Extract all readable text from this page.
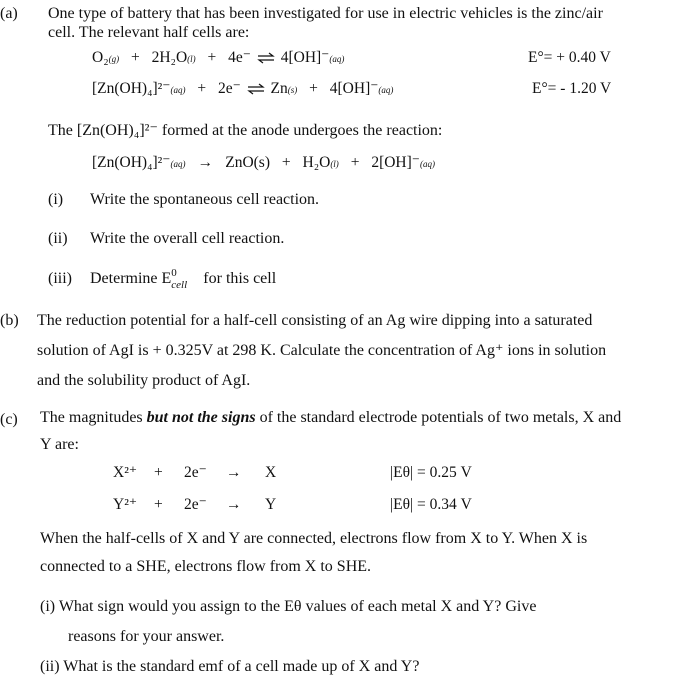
(a) One type of battery that has been investigated for use in electric vehicles is the zinc/air
cell. The relevant half cells are:
O₂(g) + 2H₂O(l) + 4e⁻ ⇌ 4[OH]⁻(aq)	E°= + 0.40 V
[Zn(OH)₄]²⁻(aq) + 2e⁻ ⇌ Zn(s) + 4[OH]⁻(aq)	E°= - 1.20 V
The [Zn(OH)₄]²⁻ formed at the anode undergoes the reaction:
[Zn(OH)₄]²⁻(aq) → ZnO(s) + H₂O(l) + 2[OH]⁻(aq)
(i) Write the spontaneous cell reaction.
(ii) Write the overall cell reaction.
(iii) Determine E 0
cell for this cell
(b) The reduction potential for a half-cell consisting of an Ag wire dipping into a saturated
solution of AgI is + 0.325V at 298 K. Calculate the concentration of Ag⁺ ions in solution
and the solubility product of AgI.
(c) The magnitudes but not the signs of the standard electrode potentials of two metals, X and
Y are:
X²⁺ + 2e⁻ → X	|Eθ| = 0.25 V
Y²⁺ + 2e⁻ → Y	|Eθ| = 0.34 V
When the half-cells of X and Y are connected, electrons flow from X to Y. When X is
connected to a SHE, electrons flow from X to SHE.
(i) What sign would you assign to the Eθ values of each metal X and Y? Give
reasons for your answer.
(ii) What is the standard emf of a cell made up of X and Y?
